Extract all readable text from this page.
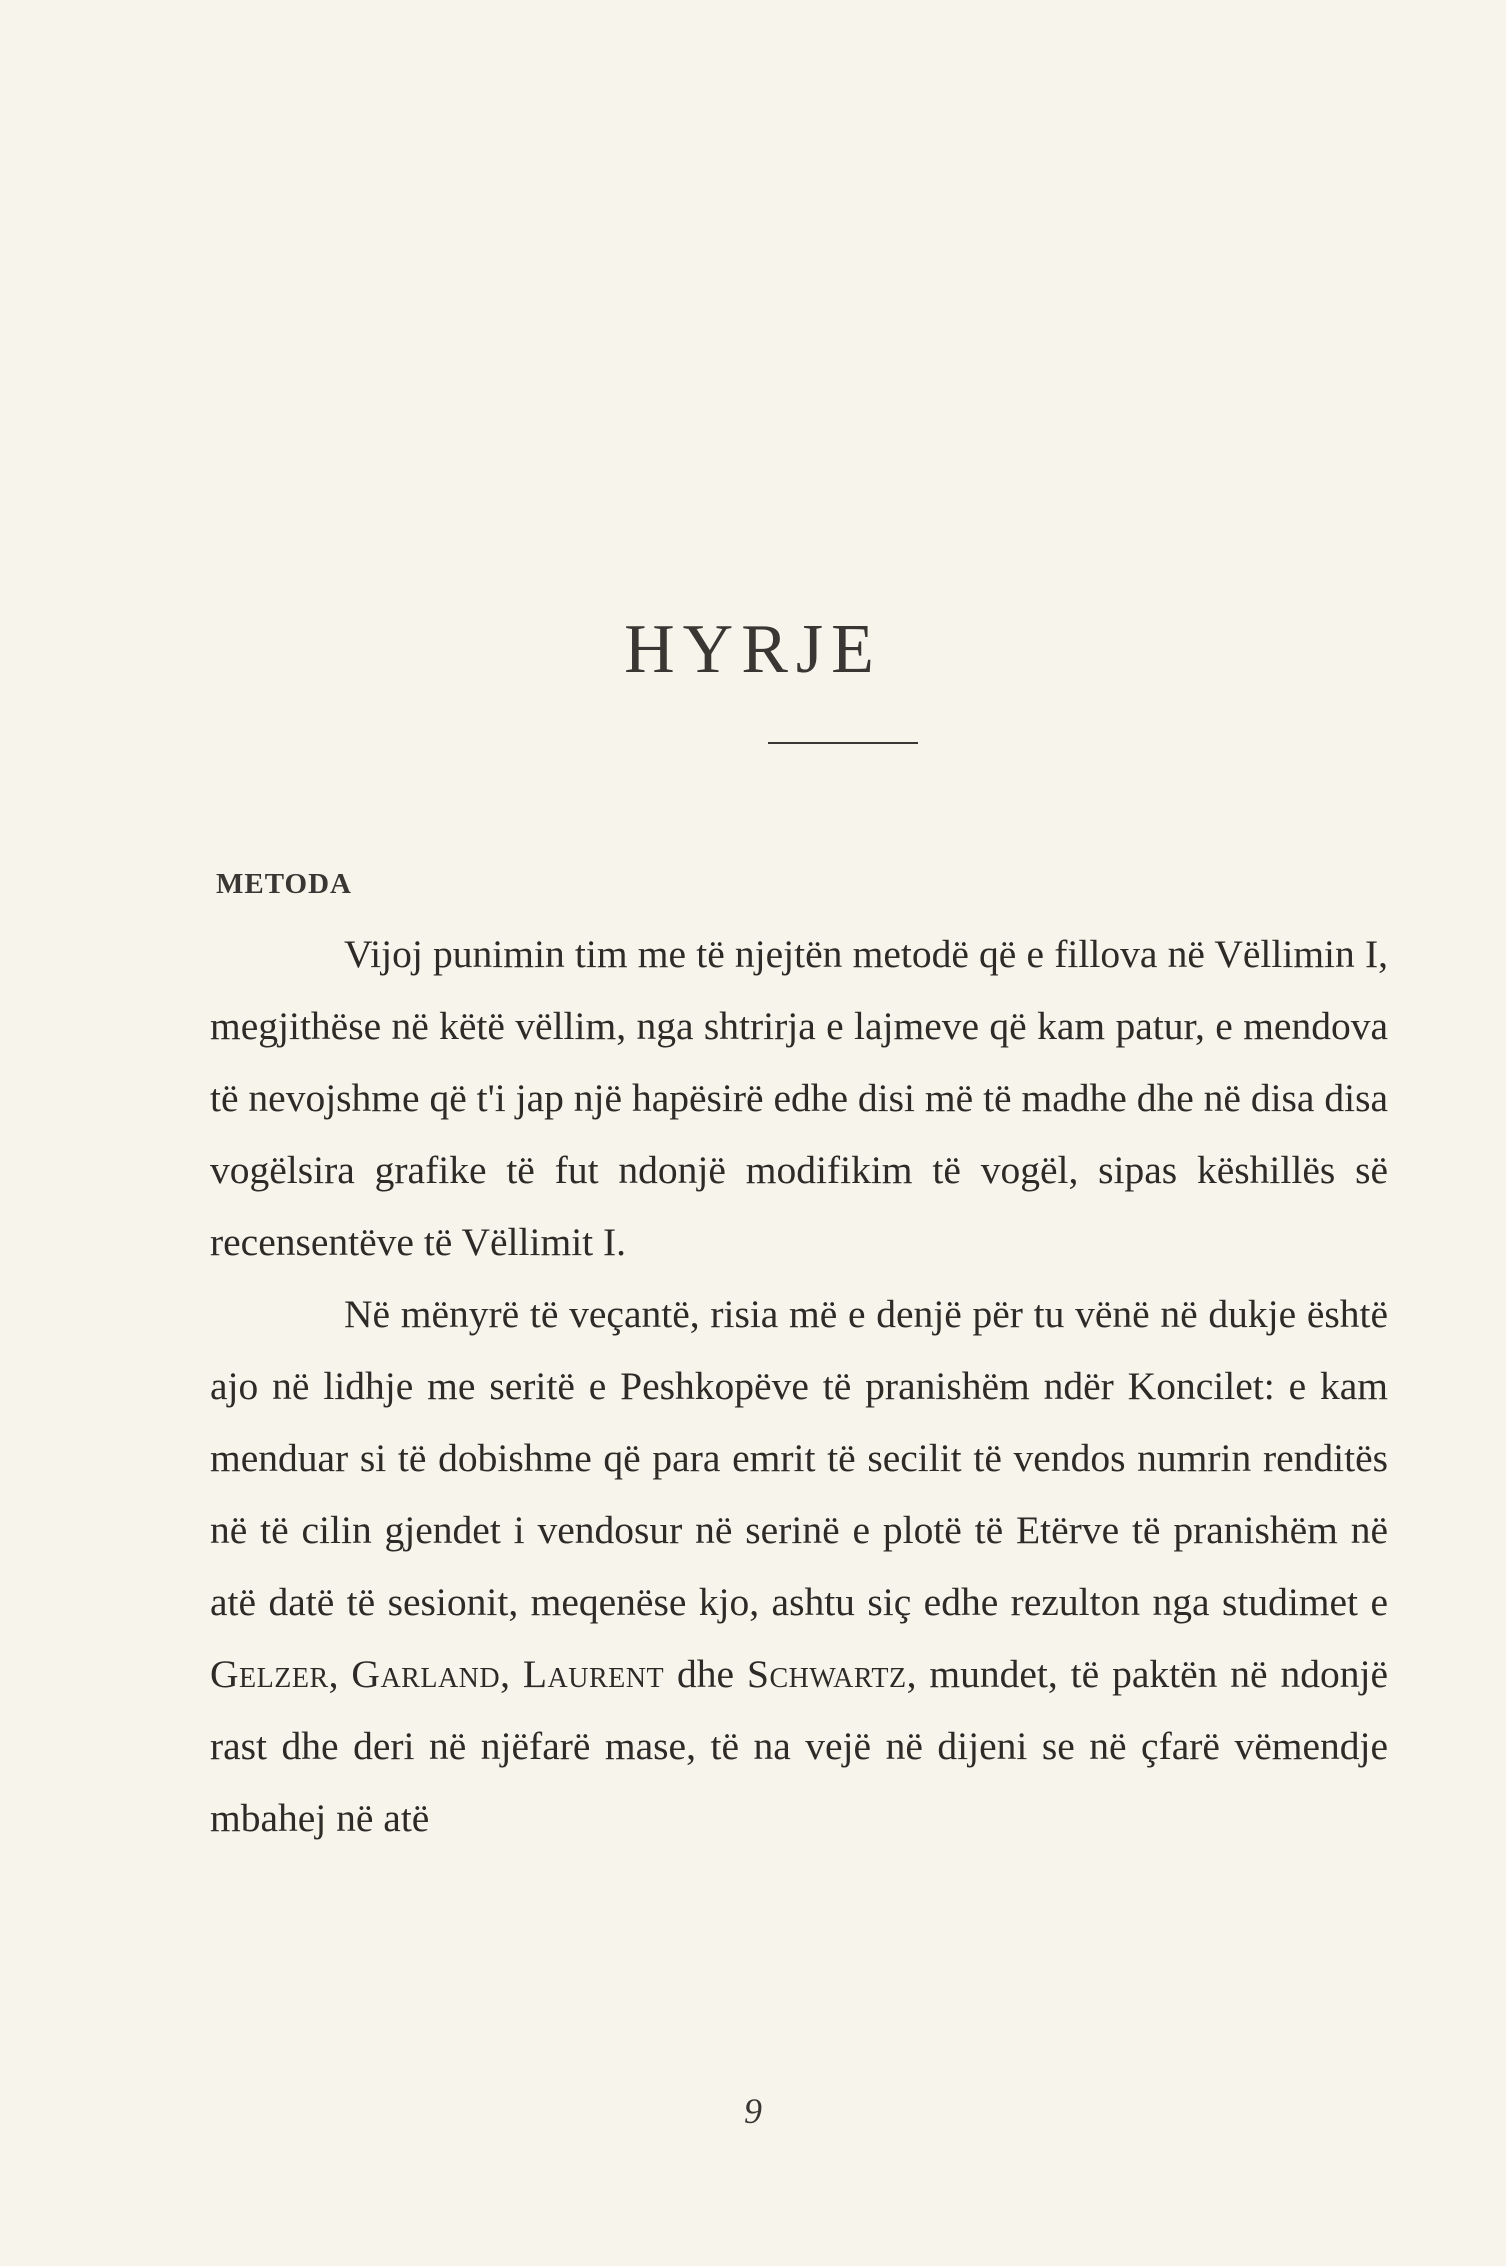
HYRJE
METODA

Vijoj punimin tim me të njejtën metodë që e fillova në Vëllimin I, megjithëse në këtë vëllim, nga shtrirja e lajmeve që kam patur, e mendova të nevojshme që t'i jap një hapësirë edhe disi më të madhe dhe në disa disa vogëlsira grafike të fut ndonjë modifikim të vogël, sipas këshillës së recensentëve të Vëllimit I.

Në mënyrë të veçantë, risia më e denjë për tu vënë në dukje është ajo në lidhje me seritë e Peshkopëve të pranishëm ndër Koncilet: e kam menduar si të dobishme që para emrit të secilit të vendos numrin renditës në të cilin gjendet i vendosur në serinë e plotë të Etërve të pranishëm në atë datë të sesionit, meqenëse kjo, ashtu siç edhe rezulton nga studimet e Gelzer, Garland, Laurent dhe Schwartz, mundet, të paktën në ndonjë rast dhe deri në njëfarë mase, të na vejë në dijeni se në çfarë vëmendje mbahej në atë

9
